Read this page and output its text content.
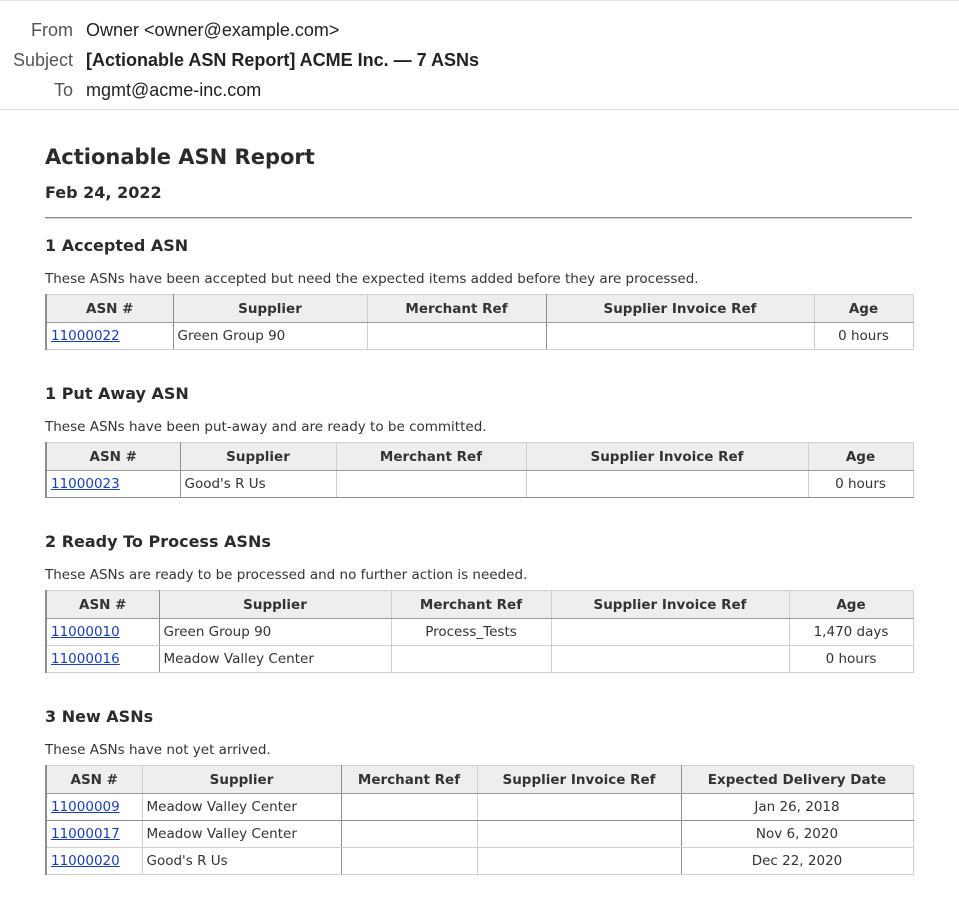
From Owner <owner@example.com>
Subject [Actionable ASN Report] ACME Inc. — 7 ASNs
To mgmt@acme-inc.com
Actionable ASN Report
Feb 24, 2022
1 Accepted ASN

These ASNs have been accepted but need the expected items added before they are processed.

ASN #	Supplier	Merchant Ref	Supplier Invoice Ref	Age
11000022	Green Group 90			0 hours
1 Put Away ASN

These ASNs have been put-away and are ready to be committed.

ASN #	Supplier	Merchant Ref	Supplier Invoice Ref	Age
11000023	Good's R Us			0 hours
2 Ready To Process ASNs

These ASNs are ready to be processed and no further action is needed.

ASN #	Supplier	Merchant Ref	Supplier Invoice Ref	Age
11000010	Green Group 90	Process_Tests		1,470 days
11000016	Meadow Valley Center			0 hours
3 New ASNs

These ASNs have not yet arrived.

ASN #	Supplier	Merchant Ref	Supplier Invoice Ref	Expected Delivery Date
11000009	Meadow Valley Center			Jan 26, 2018
11000017	Meadow Valley Center			Nov 6, 2020
11000020	Good's R Us			Dec 22, 2020
